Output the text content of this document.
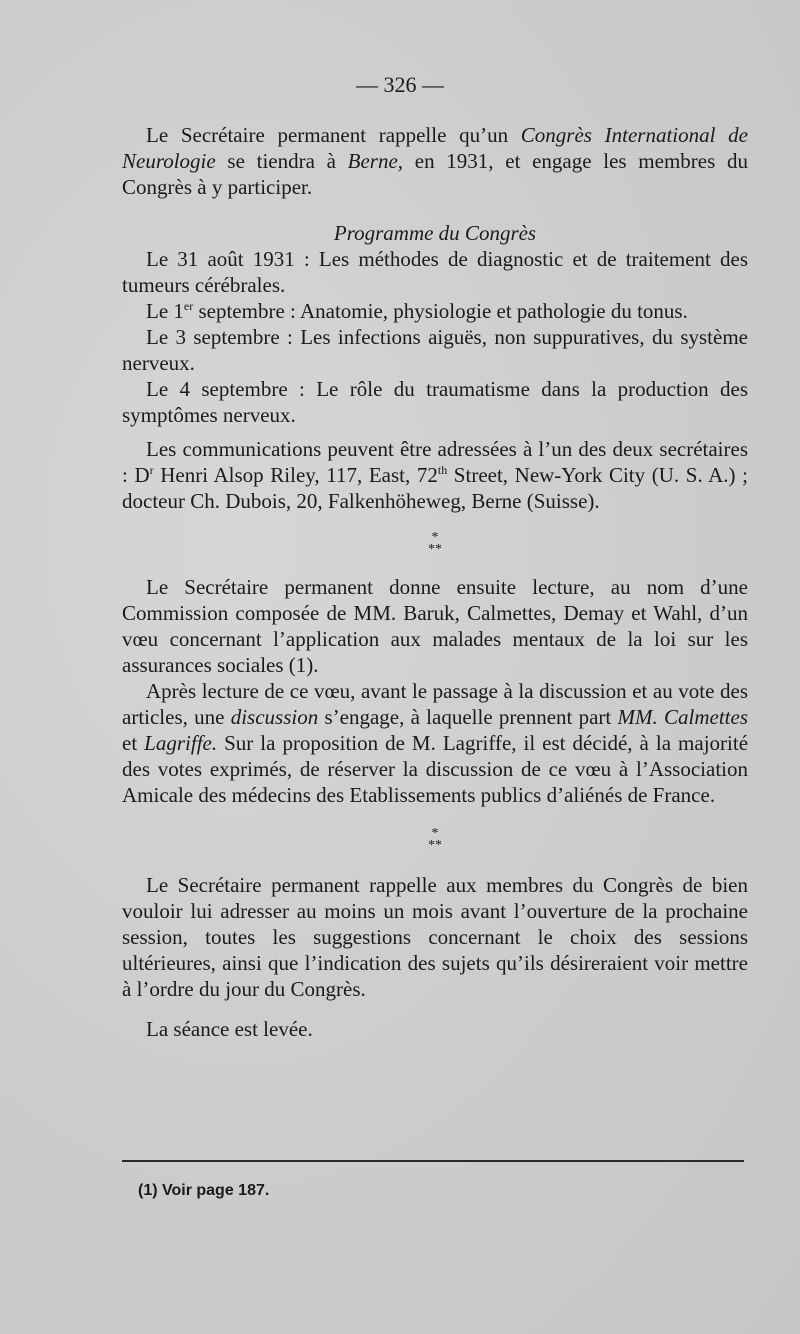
— 326 —

Le Secrétaire permanent rappelle qu’un Congrès International de Neurologie se tiendra à Berne, en 1931, et engage les membres du Congrès à y participer.

Programme du Congrès

Le 31 août 1931 : Les méthodes de diagnostic et de traitement des tumeurs cérébrales.

Le 1er septembre : Anatomie, physiologie et pathologie du tonus.

Le 3 septembre : Les infections aiguës, non suppuratives, du système nerveux.

Le 4 septembre : Le rôle du traumatisme dans la production des symptômes nerveux.

Les communications peuvent être adressées à l’un des deux secrétaires : $D^r$ Henri Alsop Riley, 117, East, 72th Street, New-York City (U. S. A.) ; docteur Ch. Dubois, 20, Falkenhöheweg, Berne (Suisse).

*
**

Le Secrétaire permanent donne ensuite lecture, au nom d’une Commission composée de MM. Baruk, Calmettes, Demay et Wahl, d’un vœu concernant l’application aux malades mentaux de la loi sur les assurances sociales (1).

Après lecture de ce vœu, avant le passage à la discussion et au vote des articles, une discussion s’engage, à laquelle prennent part MM. Calmettes et Lagriffe. Sur la proposition de M. Lagriffe, il est décidé, à la majorité des votes exprimés, de réserver la discussion de ce vœu à l’Association Amicale des médecins des Etablissements publics d’aliénés de France.

*
**

Le Secrétaire permanent rappelle aux membres du Congrès de bien vouloir lui adresser au moins un mois avant l’ouverture de la prochaine session, toutes les suggestions concernant le choix des sessions ultérieures, ainsi que l’indication des sujets qu’ils désireraient voir mettre à l’ordre du jour du Congrès.

La séance est levée.

(1) Voir page 187.
